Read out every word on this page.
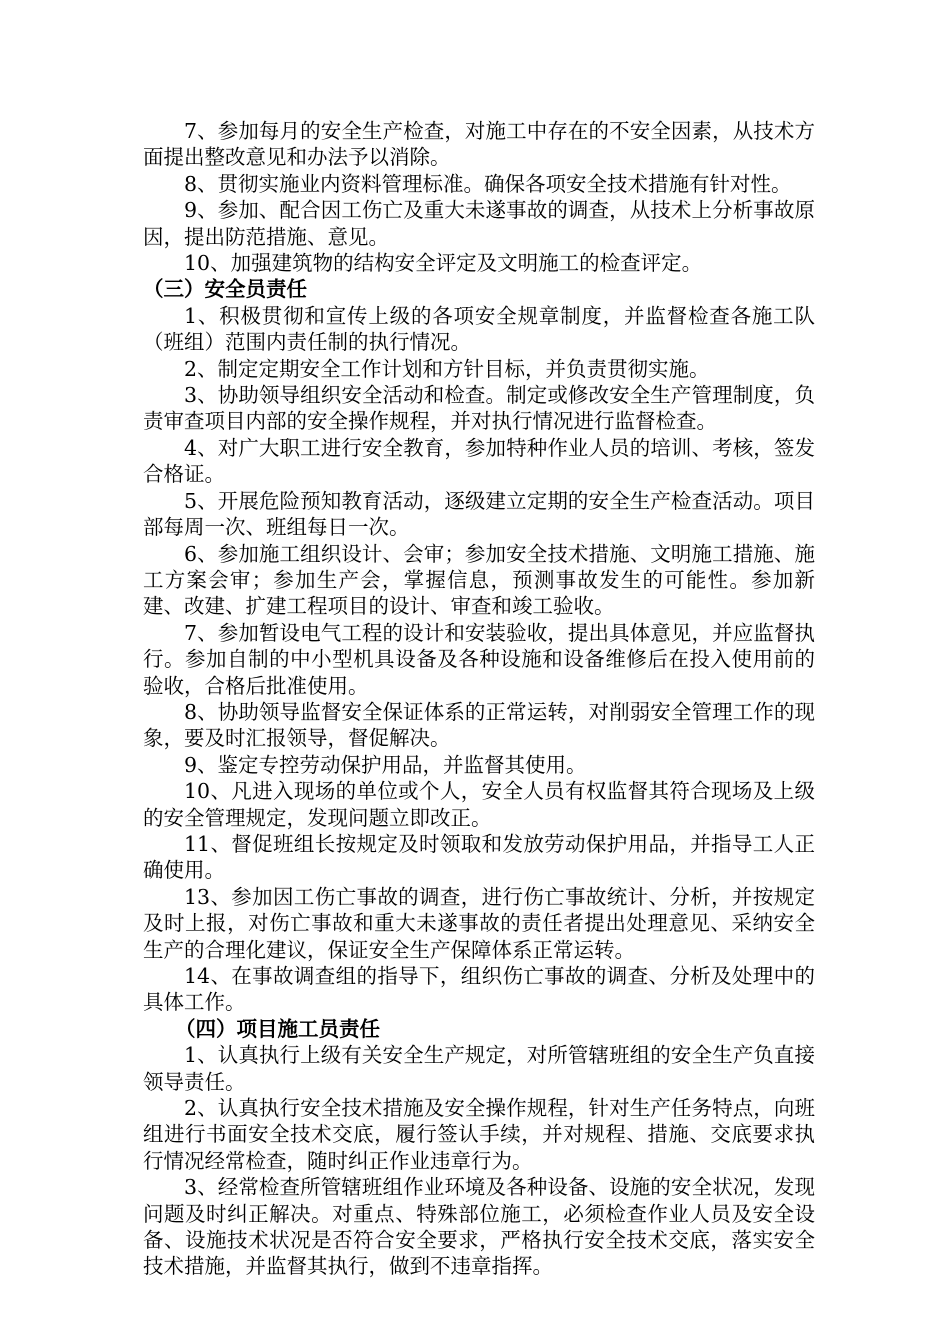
7、参加每月的安全生产检查，对施工中存在的不安全因素，从技术方面提出整改意见和办法予以消除。

8、贯彻实施业内资料管理标准。确保各项安全技术措施有针对性。

9、参加、配合因工伤亡及重大未遂事故的调查，从技术上分析事故原因，提出防范措施、意见。

10、加强建筑物的结构安全评定及文明施工的检查评定。

（三）安全员责任

1、积极贯彻和宣传上级的各项安全规章制度，并监督检查各施工队（班组）范围内责任制的执行情况。

2、制定定期安全工作计划和方针目标，并负责贯彻实施。

3、协助领导组织安全活动和检查。制定或修改安全生产管理制度，负责审查项目内部的安全操作规程，并对执行情况进行监督检查。

4、对广大职工进行安全教育，参加特种作业人员的培训、考核，签发合格证。

5、开展危险预知教育活动，逐级建立定期的安全生产检查活动。项目部每周一次、班组每日一次。

6、参加施工组织设计、会审；参加安全技术措施、文明施工措施、施工方案会审；参加生产会，掌握信息，预测事故发生的可能性。参加新建、改建、扩建工程项目的设计、审查和竣工验收。

7、参加暂设电气工程的设计和安装验收，提出具体意见，并应监督执行。参加自制的中小型机具设备及各种设施和设备维修后在投入使用前的验收，合格后批准使用。

8、协助领导监督安全保证体系的正常运转，对削弱安全管理工作的现象，要及时汇报领导，督促解决。

9、鉴定专控劳动保护用品，并监督其使用。

10、凡进入现场的单位或个人，安全人员有权监督其符合现场及上级的安全管理规定，发现问题立即改正。

11、督促班组长按规定及时领取和发放劳动保护用品，并指导工人正确使用。

13、参加因工伤亡事故的调查，进行伤亡事故统计、分析，并按规定及时上报，对伤亡事故和重大未遂事故的责任者提出处理意见、采纳安全生产的合理化建议，保证安全生产保障体系正常运转。

14、在事故调查组的指导下，组织伤亡事故的调查、分析及处理中的具体工作。

（四）项目施工员责任

1、认真执行上级有关安全生产规定，对所管辖班组的安全生产负直接领导责任。

2、认真执行安全技术措施及安全操作规程，针对生产任务特点，向班组进行书面安全技术交底，履行签认手续，并对规程、措施、交底要求执行情况经常检查，随时纠正作业违章行为。

3、经常检查所管辖班组作业环境及各种设备、设施的安全状况，发现问题及时纠正解决。对重点、特殊部位施工，必须检查作业人员及安全设备、设施技术状况是否符合安全要求，严格执行安全技术交底，落实安全技术措施，并监督其执行，做到不违章指挥。
